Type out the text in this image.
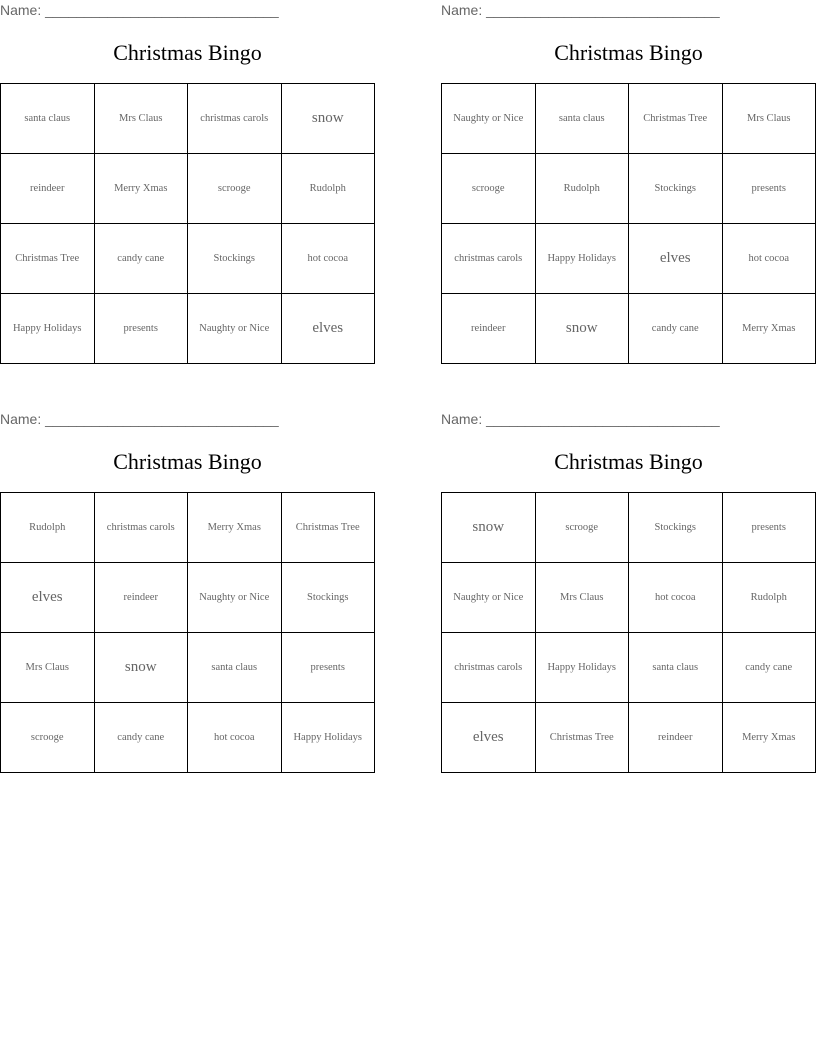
Name: ______________________________
Christmas Bingo
santa claus	Mrs Claus	christmas carols	snow
reindeer	Merry Xmas	scrooge	Rudolph
Christmas Tree	candy cane	Stockings	hot cocoa
Happy Holidays	presents	Naughty or Nice	elves
Name: ______________________________
Christmas Bingo
Naughty or Nice	santa claus	Christmas Tree	Mrs Claus
scrooge	Rudolph	Stockings	presents
christmas carols	Happy Holidays	elves	hot cocoa
reindeer	snow	candy cane	Merry Xmas
Name: ______________________________
Christmas Bingo
Rudolph	christmas carols	Merry Xmas	Christmas Tree
elves	reindeer	Naughty or Nice	Stockings
Mrs Claus	snow	santa claus	presents
scrooge	candy cane	hot cocoa	Happy Holidays
Name: ______________________________
Christmas Bingo
snow	scrooge	Stockings	presents
Naughty or Nice	Mrs Claus	hot cocoa	Rudolph
christmas carols	Happy Holidays	santa claus	candy cane
elves	Christmas Tree	reindeer	Merry Xmas
